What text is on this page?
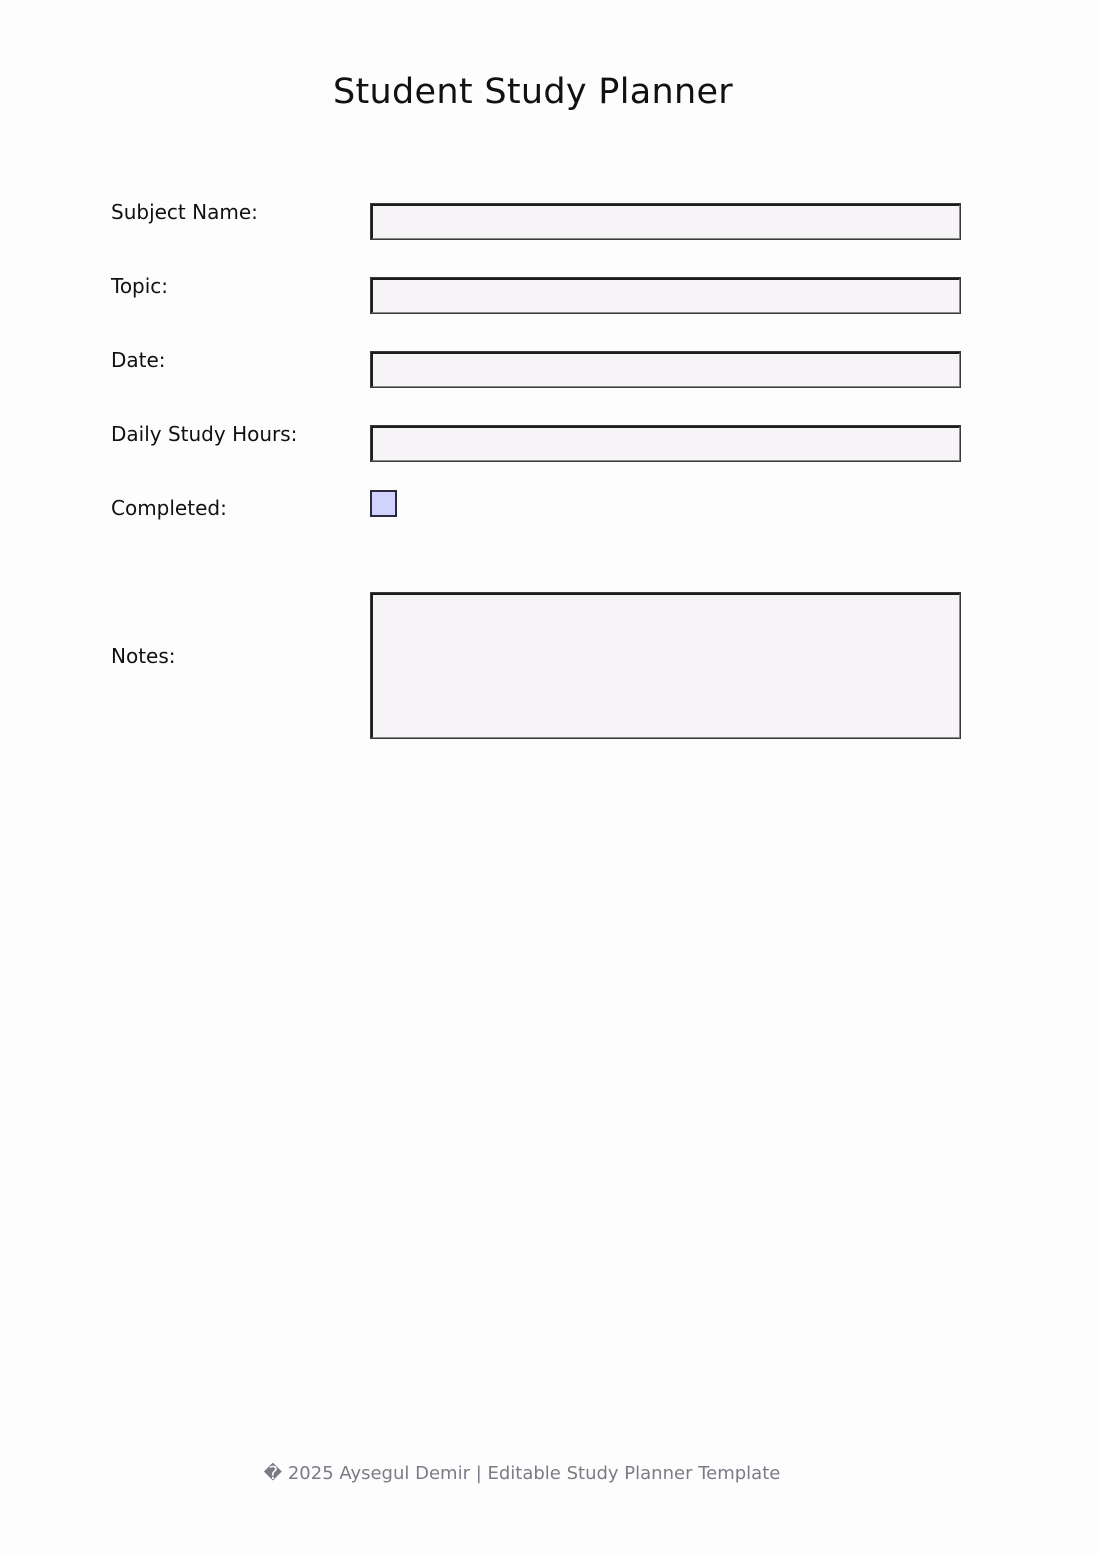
Student Study Planner
Subject Name:
Topic:
Date:
Daily Study Hours:
Completed:
Notes:
� 2025 Aysegul Demir | Editable Study Planner Template
